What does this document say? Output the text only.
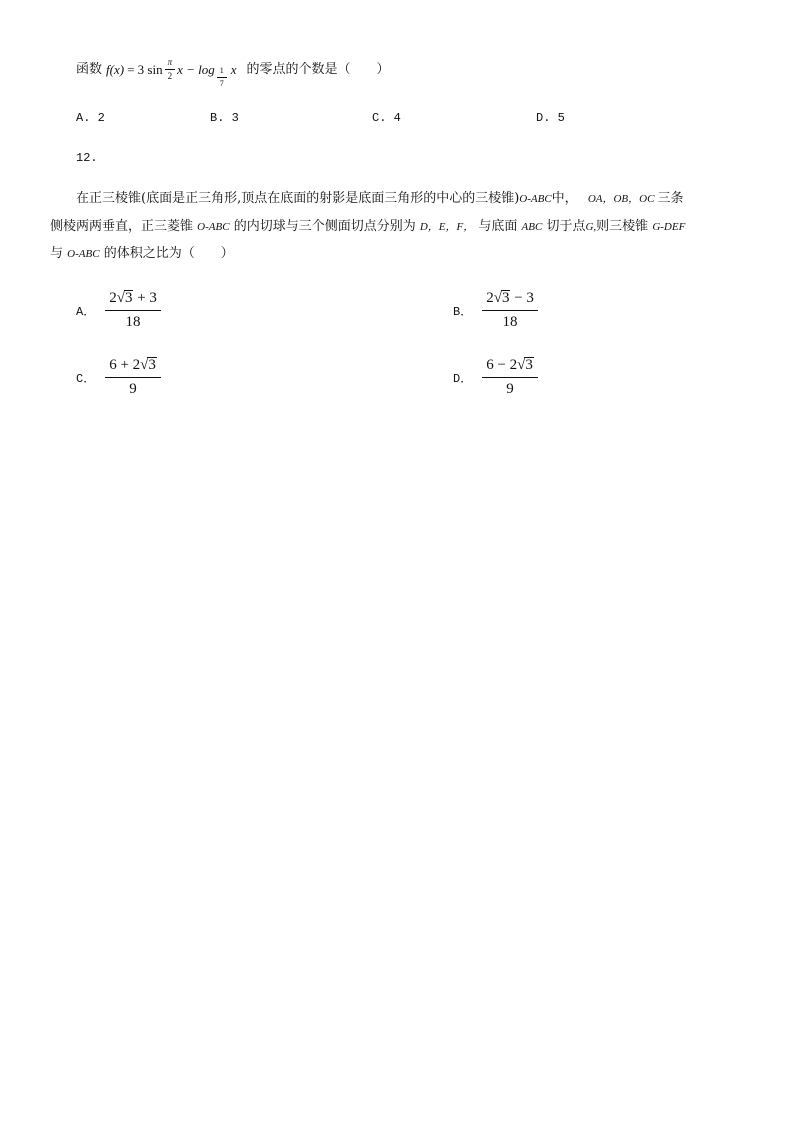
函数 f(x) = 3 $\sin \frac{\pi}{2}$ $x - \log \frac{1}{7}$ x 的零点的个数是（　　）
A. 2	B. 3	C. 4	D. 5
12.
在正三棱锥(底面是正三角形,顶点在底面的射影是底面三角形的中心的三棱锥)O-ABC中， OA，OB，OC 三条
侧棱两两垂直，正三菱锥 O-ABC 的内切球与三个侧面切点分别为 D，E，F， 与底面 ABC 切于点G,则三棱锥 G-DEF
与 O-ABC 的体积之比为（　　）
A． $\frac{2 √ 3 + 3}{18}$	B． $\frac{2 √ 3 - 3}{18}$
C． $\frac{6 + 2 √ 3}{9}$	D． $\frac{6 - 2 √ 3}{9}$
